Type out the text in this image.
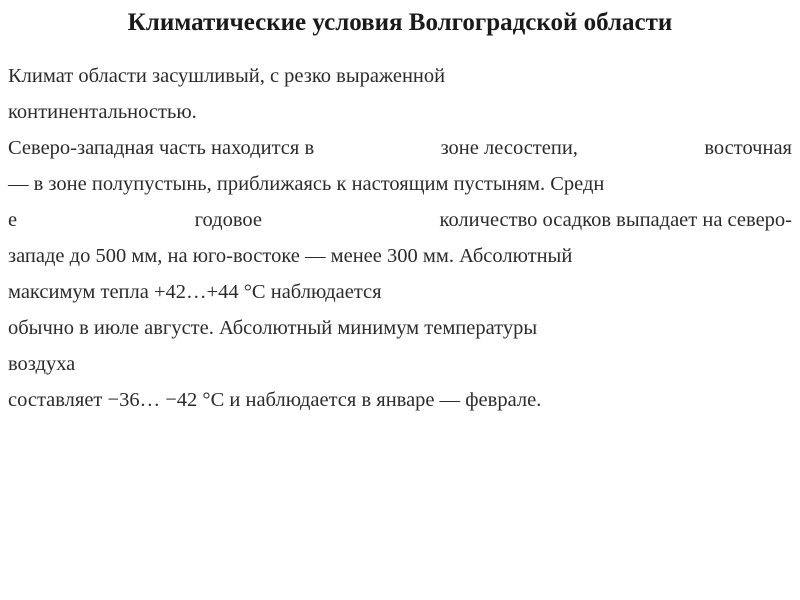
Климатические условия Волгоградской области
Климат области засушливый, с резко выраженной
континентальностью.
Северо-западная часть находится в	зоне лесостепи,	восточная
— в зоне полупустынь, приближаясь к настоящим пустыням. Средн
е	годовое	количество осадков выпадает на северо-
западе до 500 мм, на юго-востоке — менее 300 мм. Абсолютный
максимум тепла +42…+44 °С наблюдается
обычно в июле августе. Абсолютный минимум температуры
воздуха
составляет −36… −42 °С и наблюдается в январе — феврале.
